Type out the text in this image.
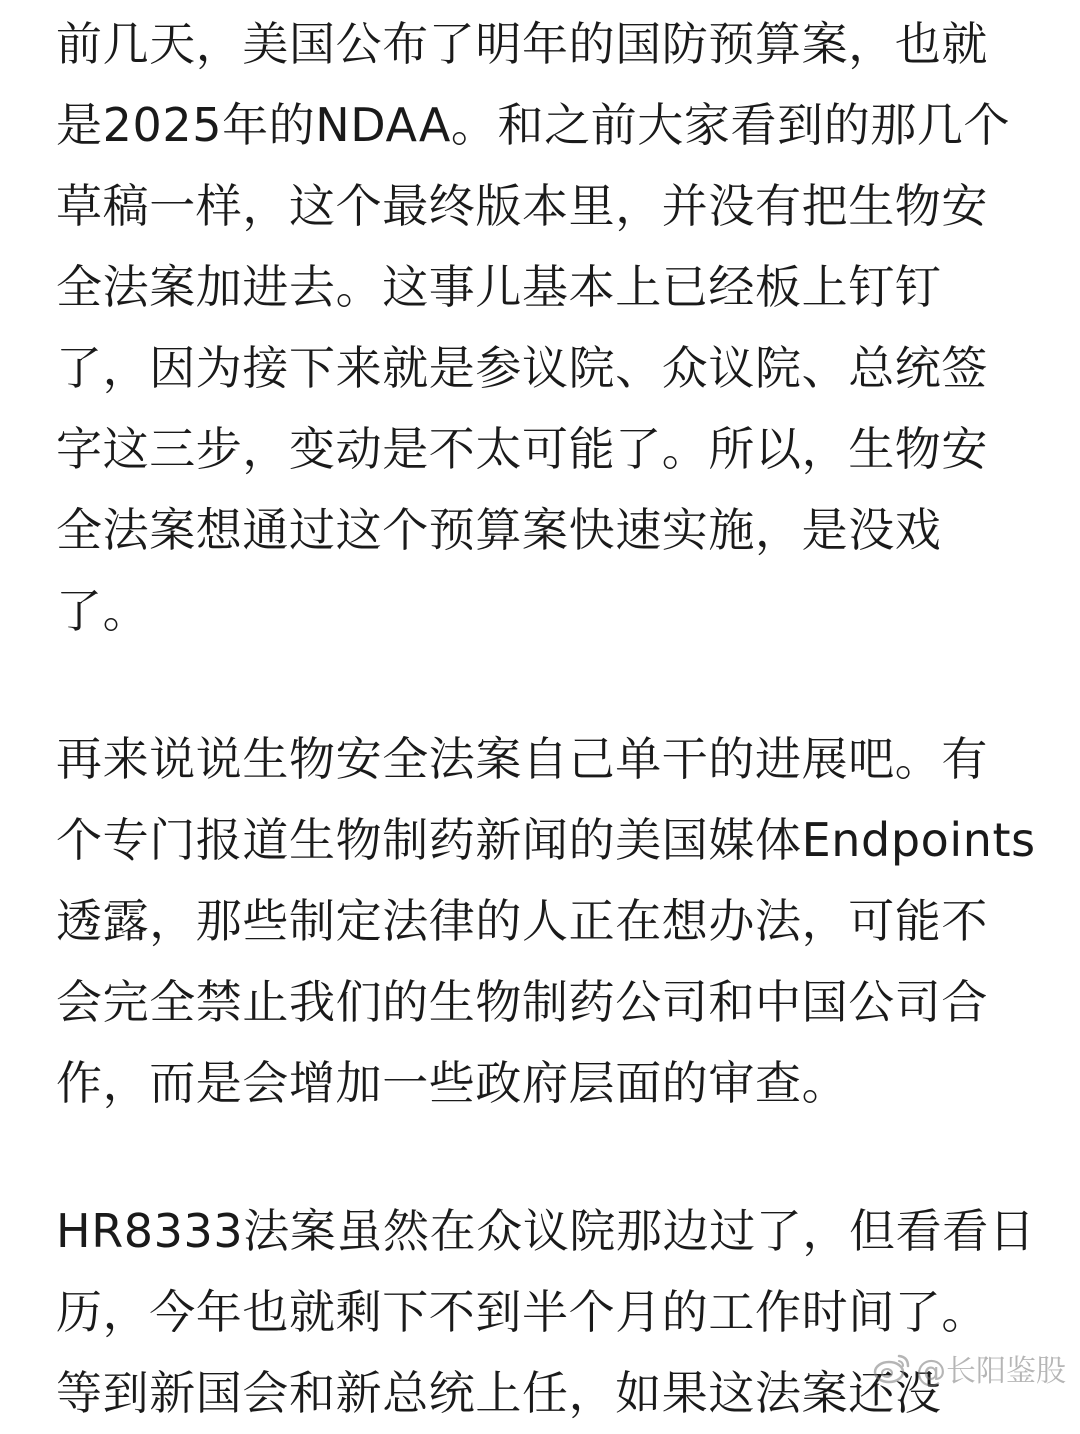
前几天，美国公布了明年的国防预算案，也就
是2025年的NDAA。和之前大家看到的那几个
草稿一样，这个最终版本里，并没有把生物安
全法案加进去。这事儿基本上已经板上钉钉
了，因为接下来就是参议院、众议院、总统签
字这三步，变动是不太可能了。所以，生物安
全法案想通过这个预算案快速实施，是没戏
了。
再来说说生物安全法案自己单干的进展吧。有
个专门报道生物制药新闻的美国媒体Endpoints
透露，那些制定法律的人正在想办法，可能不
会完全禁止我们的生物制药公司和中国公司合
作，而是会增加一些政府层面的审查。
HR8333法案虽然在众议院那边过了，但看看日
历，今年也就剩下不到半个月的工作时间了。
等到新国会和新总统上任，如果这法案还没
@长阳鉴股
